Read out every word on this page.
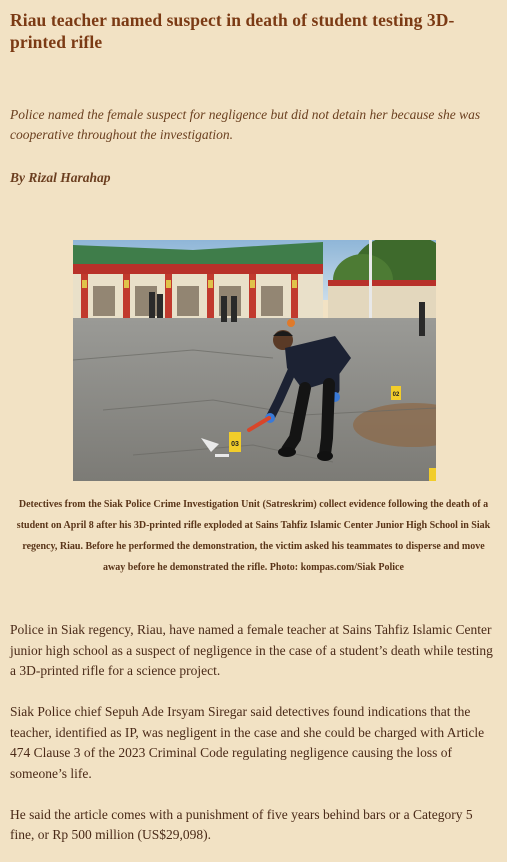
Riau teacher named suspect in death of student testing 3D-printed rifle

Police named the female suspect for negligence but did not detain her because she was cooperative throughout the investigation.

By Rizal Harahap

03
02

Detectives from the Siak Police Crime Investigation Unit (Satreskrim) collect evidence following the death of a student on April 8 after his 3D-printed rifle exploded at Sains Tahfiz Islamic Center Junior High School in Siak regency, Riau. Before he performed the demonstration, the victim asked his teammates to disperse and move away before he demonstrated the rifle. Photo: kompas.com/Siak Police

Police in Siak regency, Riau, have named a female teacher at Sains Tahfiz Islamic Center junior high school as a suspect of negligence in the case of a student’s death while testing a 3D-printed rifle for a science project.

Siak Police chief Sepuh Ade Irsyam Siregar said detectives found indications that the teacher, identified as IP, was negligent in the case and she could be charged with Article 474 Clause 3 of the 2023 Criminal Code regulating negligence causing the loss of someone’s life.

He said the article comes with a punishment of five years behind bars or a Category 5 fine, or Rp 500 million (US$29,098).
